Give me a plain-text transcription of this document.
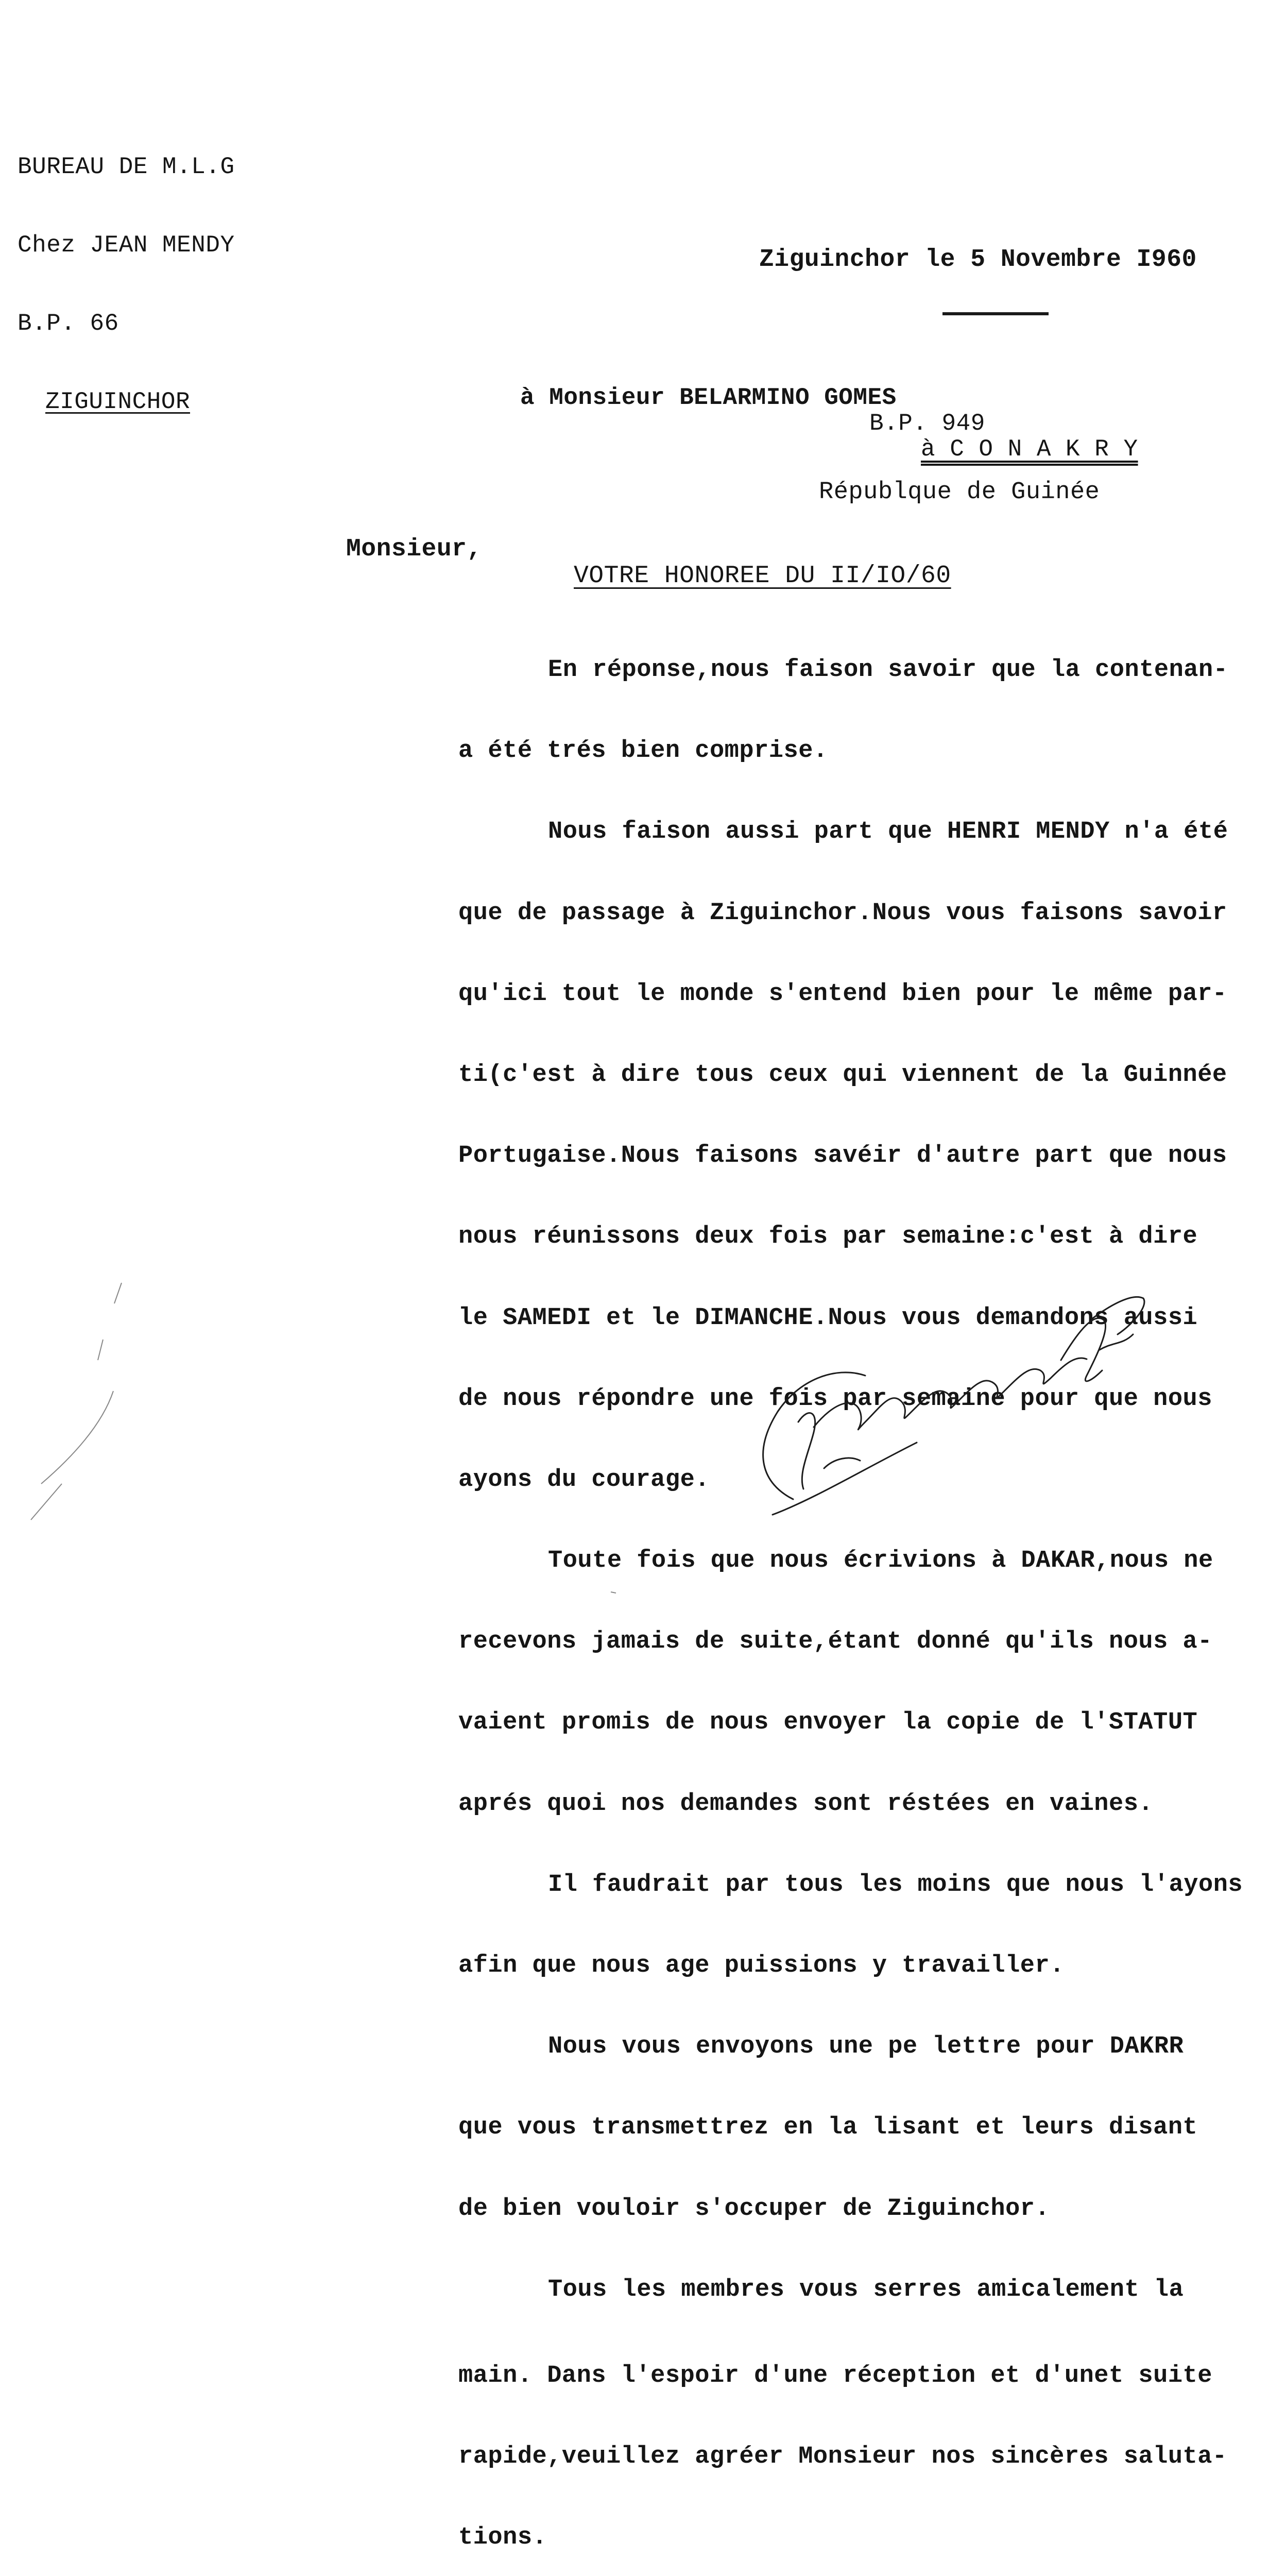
BUREAU DE M.L.G

Chez JEAN MENDY

B.P. 66

ZIGUINCHOR

Ziguinchor le 5 Novembre I960
à Monsieur BELARMINO GOMES
B.P. 949
à C O N A K R Y
Républque de Guinée
Monsieur,
VOTRE HONOREE DU II/IO/60

En réponse,nous faison savoir que la contenan-

a été trés bien comprise.

Nous faison aussi part que HENRI MENDY n'a été

que de passage à Ziguinchor.Nous vous faisons savoir

qu'ici tout le monde s'entend bien pour le même par-

ti(c'est à dire tous ceux qui viennent de la Guinnée

Portugaise.Nous faisons savéir d'autre part que nous

nous réunissons deux fois par semaine:c'est à dire

le SAMEDI et le DIMANCHE.Nous vous demandons aussi

de nous répondre une fois par semaine pour que nous

ayons du courage.

Toute fois que nous écrivions à DAKAR,nous ne

recevons jamais de suite,étant donné qu'ils nous a-

vaient promis de nous envoyer la copie de l'STATUT

aprés quoi nos demandes sont réstées en vaines.

Il faudrait par tous les moins que nous l'ayons

afin que nous age puissions y travailler.

Nous vous envoyons une pe lettre pour DAKRR

que vous transmettrez en la lisant et leurs disant

de bien vouloir s'occuper de Ziguinchor.

Tous les membres vous serres amicalement la

main. Dans l'espoir d'une réception et d'unet suite

rapide,veuillez agréer Monsieur nos sincères saluta-

tions.
